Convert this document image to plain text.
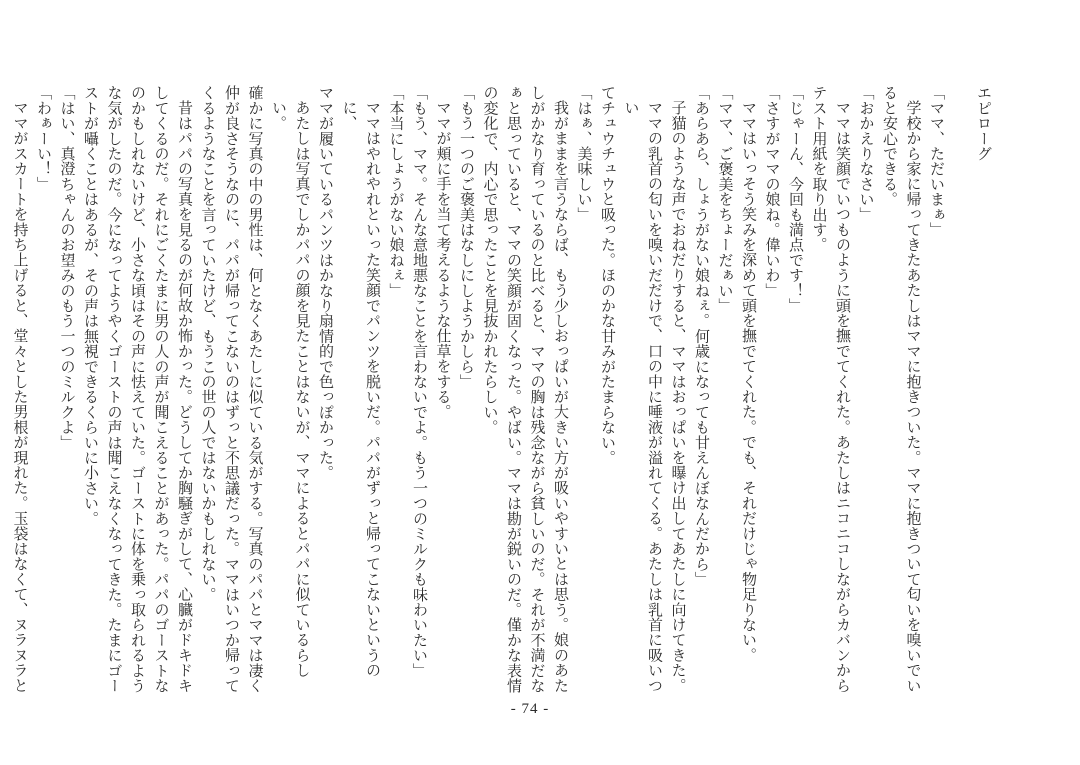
エピローグ

「ママ、ただいまぁ」

学校から家に帰ってきたあたしはママに抱きついた。ママに抱きついて匂いを嗅いでい

ると安心できる。

「おかえりなさい」

ママは笑顔でいつものように頭を撫でてくれた。あたしはニコニコしながらカバンから

テスト用紙を取り出す。

「じゃーん、今回も満点です！」

「さすがママの娘ね。偉いわ」

ママはいっそう笑みを深めて頭を撫でてくれた。でも、それだけじゃ物足りない。

「ママ、ご褒美をちょーだぁい」

「あらあら、しょうがない娘ねぇ。何歳になっても甘えんぼなんだから」

子猫のような声でおねだりすると、ママはおっぱいを曝け出してあたしに向けてきた。

ママの乳首の匂いを嗅いだだけで、口の中に唾液が溢れてくる。あたしは乳首に吸いつい

てチュウチュウと吸った。ほのかな甘みがたまらない。

「はぁ、美味しい」

我がままを言うならば、もう少しおっぱいが大きい方が吸いやすいとは思う。娘のあた

しがかなり育っているのと比べると、ママの胸は残念ながら貧しいのだ。それが不満だな

ぁと思っていると、ママの笑顔が固くなった。やばい。ママは勘が鋭いのだ。僅かな表情

の変化で、内心で思ったことを見抜かれたらしい。

「もう一つのご褒美はなしにしようかしら」

ママが頬に手を当て考えるような仕草をする。

「もう、ママ。そんな意地悪なことを言わないでよ。もう一つのミルクも味わいたい」

「本当にしょうがない娘ねぇ」

ママはやれやれといった笑顔でパンツを脱いだ。パパがずっと帰ってこないというのに、

ママが履いているパンツはかなり扇情的で色っぽかった。

あたしは写真でしかパパの顔を見たことはないが、ママによるとパパに似ているらしい。

確かに写真の中の男性は、何となくあたしに似ている気がする。写真のパパとママは凄く

仲が良さそうなのに、パパが帰ってこないのはずっと不思議だった。ママはいつか帰って

くるようなことを言っていたけど、もうこの世の人ではないかもしれない。

昔はパパの写真を見るのが何故か怖かった。どうしてか胸騒ぎがして、心臓がドキドキ

してくるのだ。それにごくたまに男の人の声が聞こえることがあった。パパのゴーストな

のかもしれないけど、小さな頃はその声に怯えていた。ゴーストに体を乗っ取られるよう

な気がしたのだ。今になってようやくゴーストの声は聞こえなくなってきた。たまにゴー

ストが囁くことはあるが、その声は無視できるくらいに小さい。

「はい、真澄ちゃんのお望みのもう一つのミルクよ」

「わぁーい！」

ママがスカートを持ち上げると、堂々とした男根が現れた。玉袋はなくて、ヌラヌラと

- 74 -
